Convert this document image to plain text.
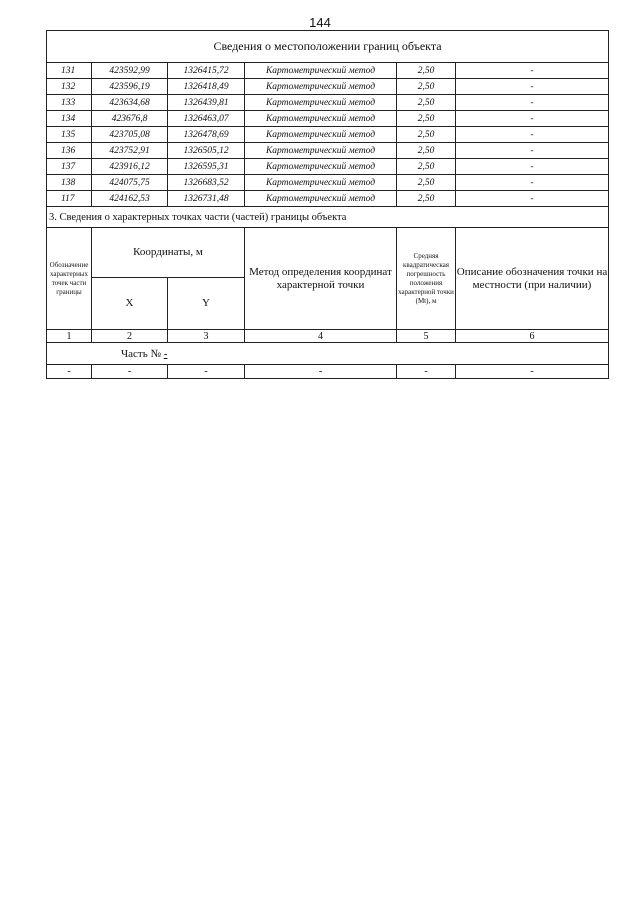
144
Сведения о местоположении границ объекта					
131	423592,99	1326415,72	Картометрический метод	2,50	-
132	423596,19	1326418,49	Картометрический метод	2,50	-
133	423634,68	1326439,81	Картометрический метод	2,50	-
134	423676,8	1326463,07	Картометрический метод	2,50	-
135	423705,08	1326478,69	Картометрический метод	2,50	-
136	423752,91	1326505,12	Картометрический метод	2,50	-
137	423916,12	1326595,31	Картометрический метод	2,50	-
138	424075,75	1326683,52	Картометрический метод	2,50	-
117	424162,53	1326731,48	Картометрический метод	2,50	-
3. Сведения о характерных точках части (частей) границы объекта					
Обозначение характерных точек части границы	Координаты, м		Метод определения координат характерной точки	Средняя квадратическая погрешность положения характерной точки (Mt), м	Описание обозначения точки на местности (при наличии)
	X	Y			
1	2	3	4	5	6
Часть № -					
-	-	-	-	-	-
